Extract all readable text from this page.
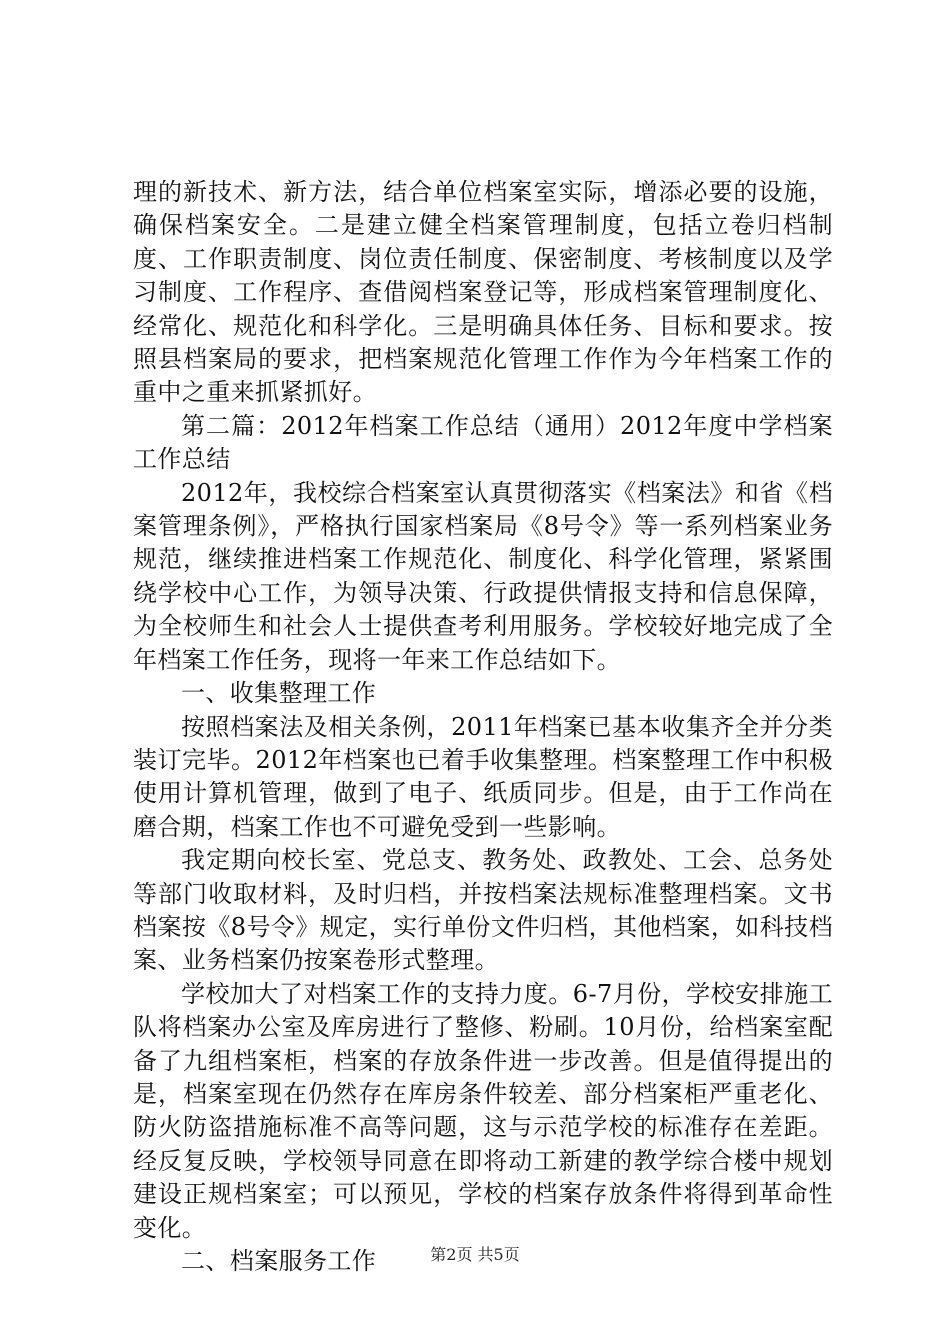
理的新技术、新方法，结合单位档案室实际，增添必要的设施，确保档案安全。二是建立健全档案管理制度，包括立卷归档制度、工作职责制度、岗位责任制度、保密制度、考核制度以及学习制度、工作程序、查借阅档案登记等，形成档案管理制度化、经常化、规范化和科学化。三是明确具体任务、目标和要求。按照县档案局的要求，把档案规范化管理工作作为今年档案工作的重中之重来抓紧抓好。

第二篇：2012年档案工作总结（通用）2012年度中学档案工作总结

2012年，我校综合档案室认真贯彻落实《档案法》和省《档案管理条例》，严格执行国家档案局《8号令》等一系列档案业务规范，继续推进档案工作规范化、制度化、科学化管理，紧紧围绕学校中心工作，为领导决策、行政提供情报支持和信息保障，为全校师生和社会人士提供查考利用服务。学校较好地完成了全年档案工作任务，现将一年来工作总结如下。

一、收集整理工作

按照档案法及相关条例，2011年档案已基本收集齐全并分类装订完毕。2012年档案也已着手收集整理。档案整理工作中积极使用计算机管理，做到了电子、纸质同步。但是，由于工作尚在磨合期，档案工作也不可避免受到一些影响。

我定期向校长室、党总支、教务处、政教处、工会、总务处等部门收取材料，及时归档，并按档案法规标准整理档案。文书档案按《8号令》规定，实行单份文件归档，其他档案，如科技档案、业务档案仍按案卷形式整理。

学校加大了对档案工作的支持力度。6-7月份，学校安排施工队将档案办公室及库房进行了整修、粉刷。10月份，给档案室配备了九组档案柜，档案的存放条件进一步改善。但是值得提出的是，档案室现在仍然存在库房条件较差、部分档案柜严重老化、防火防盗措施标准不高等问题，这与示范学校的标准存在差距。经反复反映，学校领导同意在即将动工新建的教学综合楼中规划建设正规档案室；可以预见，学校的档案存放条件将得到革命性变化。

二、档案服务工作	第2页 共5页
